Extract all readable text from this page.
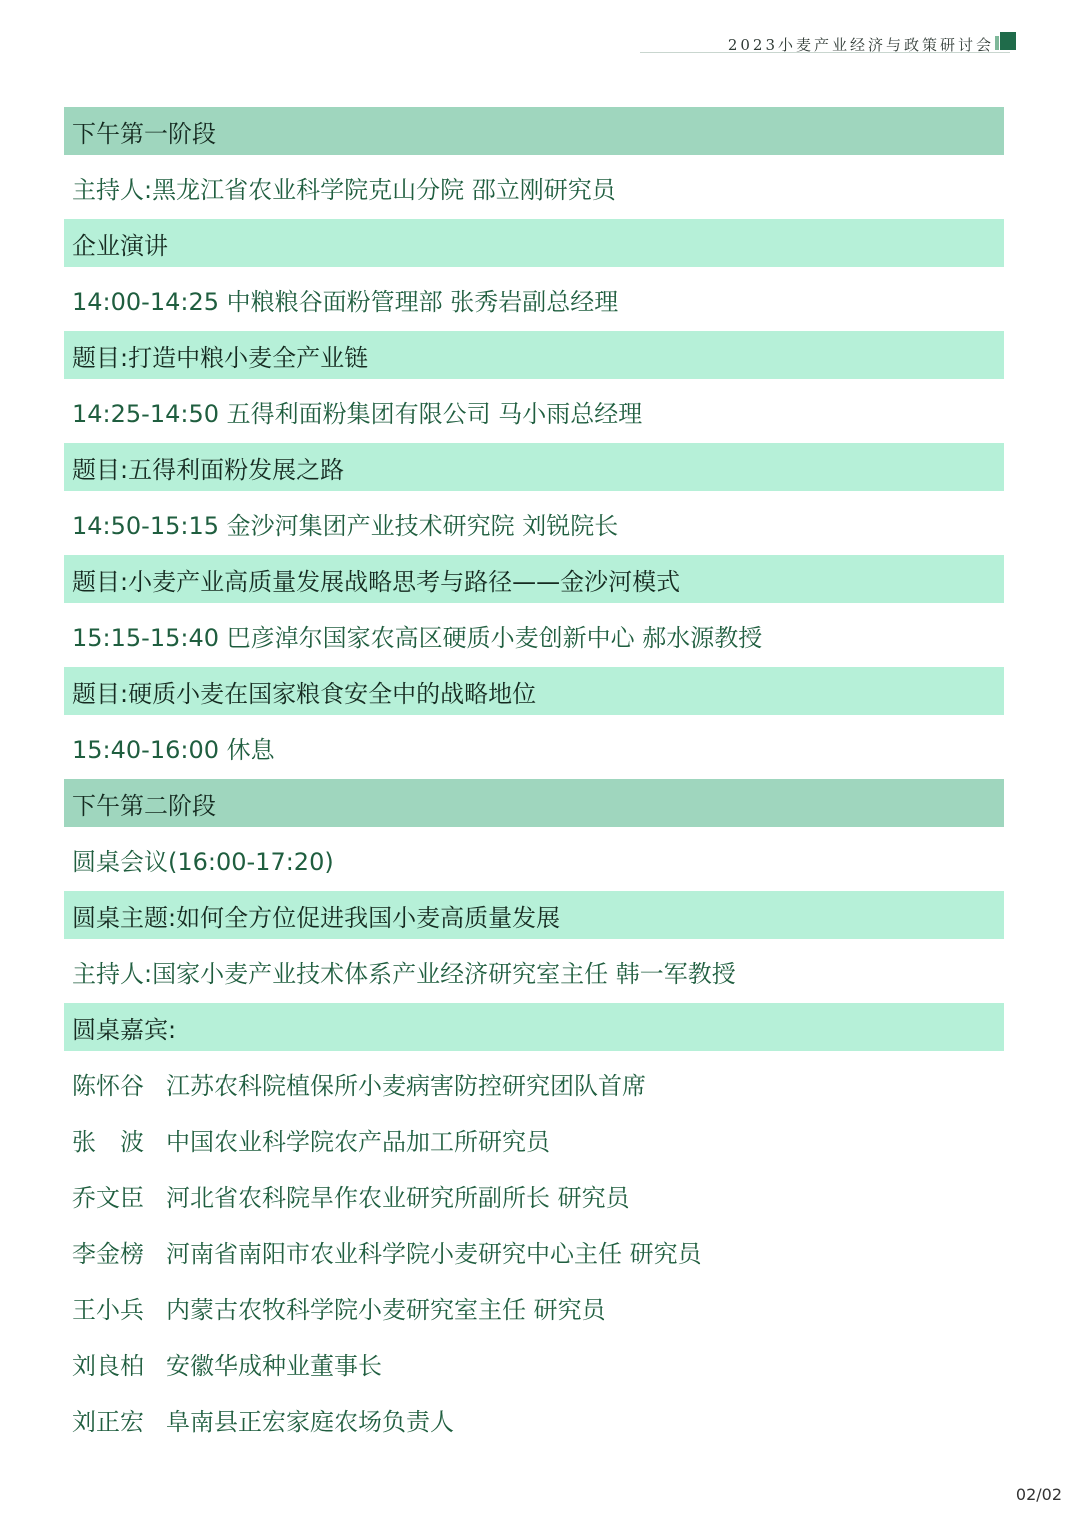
2023小麦产业经济与政策研讨会
下午第一阶段
主持人:黑龙江省农业科学院克山分院 邵立刚研究员
企业演讲
14:00-14:25 中粮粮谷面粉管理部 张秀岩副总经理
题目:打造中粮小麦全产业链
14:25-14:50 五得利面粉集团有限公司 马小雨总经理
题目:五得利面粉发展之路
14:50-15:15 金沙河集团产业技术研究院 刘锐院长
题目:小麦产业高质量发展战略思考与路径——金沙河模式
15:15-15:40 巴彦淖尔国家农高区硬质小麦创新中心 郝水源教授
题目:硬质小麦在国家粮食安全中的战略地位
15:40-16:00 休息
下午第二阶段
圆桌会议(16:00-17:20)
圆桌主题:如何全方位促进我国小麦高质量发展
主持人:国家小麦产业技术体系产业经济研究室主任 韩一军教授
圆桌嘉宾:
陈怀谷 江苏农科院植保所小麦病害防控研究团队首席
张　波 中国农业科学院农产品加工所研究员
乔文臣 河北省农科院旱作农业研究所副所长 研究员
李金榜 河南省南阳市农业科学院小麦研究中心主任 研究员
王小兵 内蒙古农牧科学院小麦研究室主任 研究员
刘良柏 安徽华成种业董事长
刘正宏 阜南县正宏家庭农场负责人
02/02
